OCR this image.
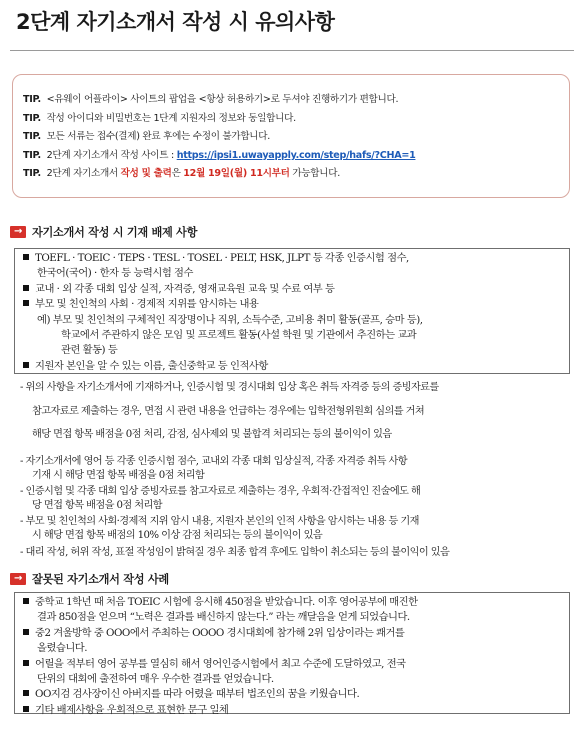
2단계 자기소개서 작성 시 유의사항
TIP. <유웨이 어플라이> 사이트의 팝업을 <항상 허용하기>로 두셔야 진행하기가 편합니다.
TIP. 작성 아이디와 비밀번호는 1단계 지원자의 정보와 동일합니다.
TIP. 모든 서류는 접수(결제) 완료 후에는 수정이 불가합니다.
TIP. 2단계 자기소개서 작성 사이트 : https://ipsi1.uwayapply.com/step/hafs/?CHA=1
TIP. 2단계 자기소개서 작성 및 출력은 12월 19일(월) 11시부터 가능합니다.
→ 자기소개서 작성 시 기재 배제 사항
TOEFL · TOEIC · TEPS · TESL · TOSEL · PELT, HSK, JLPT 등 각종 인증시험 점수,
한국어(국어) · 한자 등 능력시험 점수
교내 · 외 각종 대회 입상 실적, 자격증, 영재교육원 교육 및 수료 여부 등
부모 및 친인척의 사회 · 경제적 지위를 암시하는 내용
예) 부모 및 친인척의 구체적인 직장명이나 직위, 소득수준, 고비용 취미 활동(골프, 승마 등),
학교에서 주관하지 않은 모임 및 프로젝트 활동(사설 학원 및 기관에서 추진하는 교과
관련 활동) 등
지원자 본인을 알 수 있는 이름, 출신중학교 등 인적사항
- 위의 사항을 자기소개서에 기재하거나, 인증시험 및 경시대회 입상 혹은 취득 자격증 등의 증빙자료를
참고자료로 제출하는 경우, 면접 시 관련 내용을 언급하는 경우에는 입학전형위원회 심의를 거쳐
해당 면접 항목 배점을 0점 처리, 감점, 심사제외 및 불합격 처리되는 등의 불이익이 있음
- 자기소개서에 영어 등 각종 인증시험 점수, 교내외 각종 대회 입상실적, 각종 자격증 취득 사항
기재 시 해당 면접 항목 배점을 0점 처리함
- 인증시험 및 각종 대회 입상 증빙자료를 참고자료로 제출하는 경우, 우회적·간접적인 진술에도 해
당 면접 항목 배점을 0점 처리함
- 부모 및 친인척의 사회·경제적 지위 암시 내용, 지원자 본인의 인적 사항을 암시하는 내용 등 기재
시 해당 면접 항목 배점의 10% 이상 감점 처리되는 등의 불이익이 있음
- 대리 작성, 허위 작성, 표절 작성임이 밝혀질 경우 최종 합격 후에도 입학이 취소되는 등의 불이익이 있음
→ 잘못된 자기소개서 작성 사례
중학교 1학년 때 처음 TOEIC 시험에 응시해 450점을 받았습니다. 이후 영어공부에 매진한
결과 850점을 얻으며 “노력은 결과를 배신하지 않는다.” 라는 깨달음을 얻게 되었습니다.
중2 겨울방학 중 OOO에서 주최하는 OOOO 경시대회에 참가해 2위 입상이라는 쾌거를
올렸습니다.
어릴을 적부터 영어 공부를 열심히 해서 영어인증시험에서 최고 수준에 도달하였고, 전국
단위의 대회에 출전하여 매우 우수한 결과를 얻었습니다.
OO지검 검사장이신 아버지를 따라 어렸을 때부터 법조인의 꿈을 키웠습니다.
기타 배제사항을 우회적으로 표현한 문구 일체
